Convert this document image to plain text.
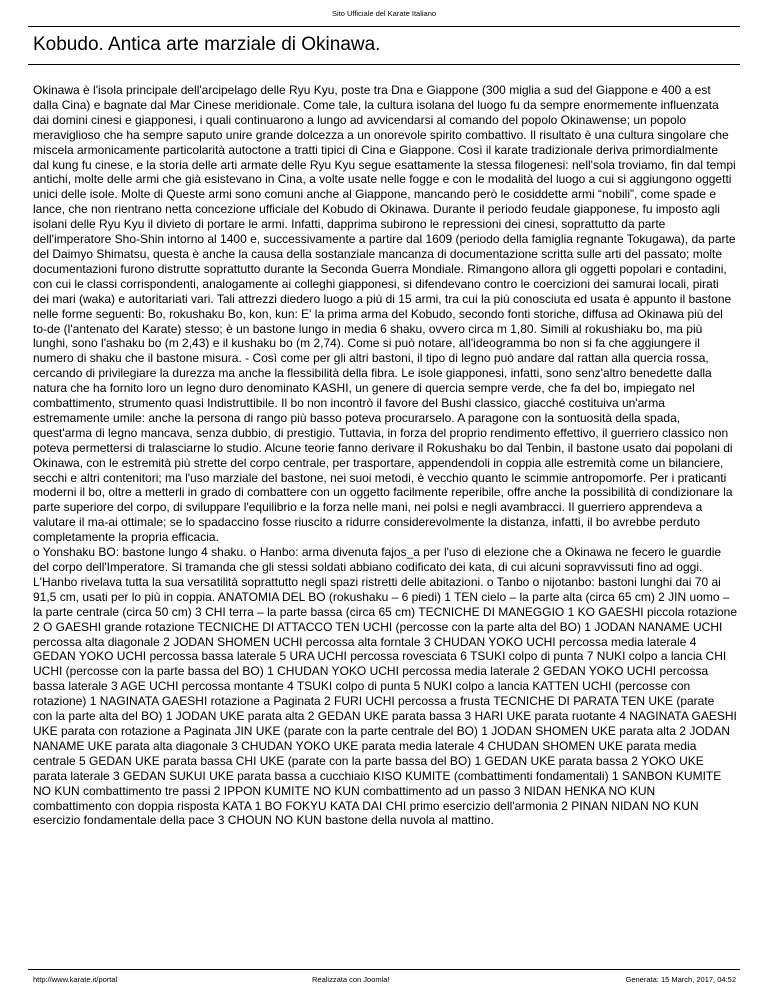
Sito Ufficiale del Karate Italiano
Kobudo. Antica arte marziale di Okinawa.

Okinawa è l'isola principale dell'arcipelago delle Ryu Kyu, poste tra Dna e Giappone (300 miglia a sud del Giappone e 400 a est dalla Cina) e bagnate dal Mar Cinese meridionale. Come tale, la cultura isolana del luogo fu da sempre enormemente influenzata dai domini cinesi e giapponesi, i quali continuarono a lungo ad avvicendarsi al comando del popolo Okinawense; un popolo meraviglioso che ha sempre saputo unire grande dolcezza a un onorevole spirito combattivo. Il risultato è una cultura singolare che miscela armonicamente particolarità autoctone a tratti tipici di Cina e Giappone. Così il karate tradizionale deriva primordialmente dal kung fu cinese, e la storia delle arti armate delle Ryu Kyu segue esattamente la stessa filogenesi: nell'sola troviamo, fin dal tempi antichi, molte delle armi che già esistevano in Cina, a volte usate nelle fogge e con le modalità del luogo a cui si aggiungono oggetti unici delle isole. Molte di Queste armi sono comuni anche al Giappone, mancando però le cosiddette armi “nobili”, come spade e lance, che non rientrano netta concezione ufficiale del Kobudo di Okinawa. Durante il periodo feudale giapponese, fu imposto agli isolani delle Ryu Kyu il divieto di portare le armi. Infatti, dapprima subirono le repressioni dei cinesi, soprattutto da parte dell'imperatore Sho-Shin intorno al 1400 e, successivamente a partire dal 1609 (periodo della famiglia regnante Tokugawa), da parte del Daimyo Shimatsu, questa è anche la causa della sostanziale mancanza di documentazione scritta sulle arti del passato; molte documentazioni furono distrutte soprattutto durante la Seconda Guerra Mondiale. Rimangono allora gli oggetti popolari e contadini, con cui le classi corrispondenti, analogamente ai colleghi giapponesi, si difendevano contro le coercizioni dei samurai locali, pirati dei mari (waka) e autoritariati vari. Tali attrezzi diedero luogo a più di 15 armi, tra cui la più conosciuta ed usata è appunto il bastone nelle forme seguenti: Bo, rokushaku Bo, kon, kun: E' la prima arma del Kobudo, secondo fonti storiche, diffusa ad Okinawa più del to-de (l'antenato del Karate) stesso; è un bastone lungo in media 6 shaku, ovvero circa m 1,80. Simili al rokushiaku bo, ma più lunghi, sono l'ashaku bo (m 2,43) e il kushaku bo (m 2,74). Come si può notare, all'ideogramma bo non si fa che aggiungere il numero di shaku che il bastone misura. - Così come per gli altri bastoni, il tipo di legno può andare dal rattan alla quercia rossa, cercando di privilegiare la durezza ma anche la flessibilità della fibra. Le isole giapponesi, infatti, sono senz'altro benedette dalla natura che ha fornito loro un legno duro denominato KASHI, un genere di quercia sempre verde, che fa del bo, impiegato nel combattimento, strumento quasi Indistruttibile. Il bo non incontrò il favore del Bushi classico, giacché costituiva un'arma estremamente umile: anche la persona di rango più basso poteva procurarselo. A paragone con la sontuosità della spada, quest'arma di legno mancava, senza dubbio, di prestigio. Tuttavia, in forza del proprio rendimento effettivo, il guerriero classico non poteva permettersi di tralasciarne lo studio. Alcune teorie fanno derivare il Rokushaku bo dal Tenbin, il bastone usato dai popolani di Okinawa, con le estremità più strette del corpo centrale, per trasportare, appendendoli in coppia alle estremità come un bilanciere, secchi e altri contenitori; ma l'uso marziale del bastone, nei suoi metodi, è vecchio quanto le scimmie antropomorfe. Per i praticanti moderni il bo, oltre a metterli in grado di combattere con un oggetto facilmente reperibile, offre anche la possibilità di condizionare la parte superiore del corpo, di sviluppare l'equilibrio e la forza nelle mani, nei polsi e negli avambracci. Il guerriero apprendeva a valutare il ma-ai ottimale; se lo spadaccino fosse riuscito a ridurre considerevolmente la distanza, infatti, il bo avrebbe perduto completamente la propria efficacia.
o Yonshaku BO: bastone lungo 4 shaku. o Hanbo: arma divenuta fajos_a per l'uso di elezione che a Okinawa ne fecero le guardie del corpo dell'Imperatore. Si tramanda che gli stessi soldati abbiano codificato dei kata, di cui alcuni sopravvissuti fino ad oggi. L'Hanbo rivelava tutta la sua versatilità soprattutto negli spazi ristretti delle abitazioni. o Tanbo o nijotanbo: bastoni lunghi dai 70 ai 91,5 cm, usati per lo più in coppia. ANATOMIA DEL BO (rokushaku – 6 piedi) 1 TEN cielo – la parte alta (circa 65 cm) 2 JIN uomo – la parte centrale (circa 50 cm) 3 CHI terra – la parte bassa (circa 65 cm) TECNICHE DI MANEGGIO 1 KO GAESHI piccola rotazione 2 O GAESHI grande rotazione TECNICHE DI ATTACCO TEN UCHI (percosse con la parte alta del BO) 1 JODAN NANAME UCHI percossa alta diagonale 2 JODAN SHOMEN UCHI percossa alta forntale 3 CHUDAN YOKO UCHI percossa media laterale 4 GEDAN YOKO UCHI percossa bassa laterale 5 URA UCHI percossa rovesciata 6 TSUKI colpo di punta 7 NUKI colpo a lancia CHI UCHI (percosse con la parte bassa del BO) 1 CHUDAN YOKO UCHI percossa media laterale 2 GEDAN YOKO UCHI percossa bassa laterale 3 AGE UCHI percossa montante 4 TSUKI colpo di punta 5 NUKI colpo a lancia KATTEN UCHI (percosse con rotazione) 1 NAGINATA GAESHI rotazione a Paginata 2 FURI UCHI percossa a frusta TECNICHE DI PARATA TEN UKE (parate con la parte alta del BO) 1 JODAN UKE parata alta 2 GEDAN UKE parata bassa 3 HARI UKE parata ruotante 4 NAGINATA GAESHI UKE parata con rotazione a Paginata JIN UKE (parate con la parte centrale del BO) 1 JODAN SHOMEN UKE parata alta 2 JODAN NANAME UKE parata alta diagonale 3 CHUDAN YOKO UKE parata media laterale 4 CHUDAN SHOMEN UKE parata media centrale 5 GEDAN UKE parata bassa CHI UKE (parate con la parte bassa del BO) 1 GEDAN UKE parata bassa 2 YOKO UKE parata laterale 3 GEDAN SUKUI UKE parata bassa a cucchiaio KISO KUMITE (combattimenti fondamentali) 1 SANBON KUMITE NO KUN combattimento tre passi 2 IPPON KUMITE NO KUN combattimento ad un passo 3 NIDAN HENKA NO KUN combattimento con doppia risposta KATA 1 BO FOKYU KATA DAI CHI primo esercizio dell'armonia 2 PINAN NIDAN NO KUN esercizio fondamentale della pace 3 CHOUN NO KUN bastone della nuvola al mattino.

http://www.karate.it/portal	Realizzata con Joomla!	Generata: 15 March, 2017, 04:52
